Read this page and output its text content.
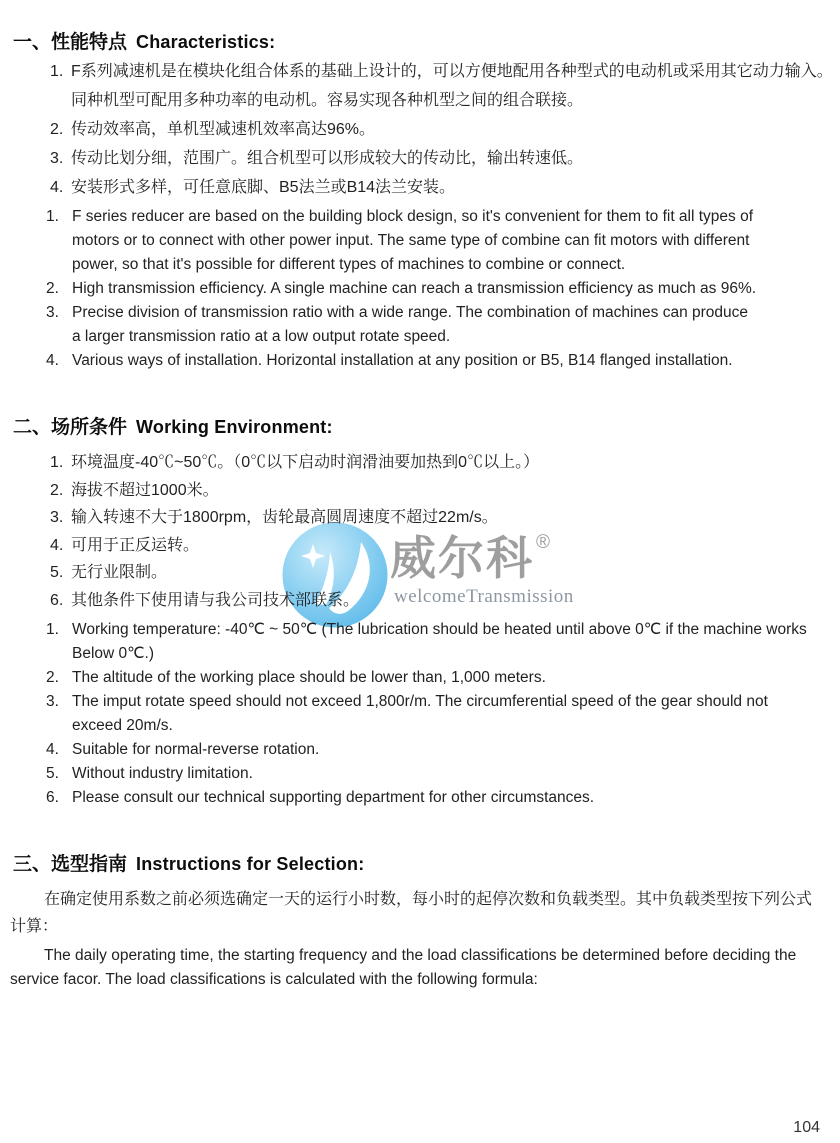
一、性能特点 Characteristics:
1. F系列减速机是在模块化组合体系的基础上设计的，可以方便地配用各种型式的电动机或采用其它动力输入。
同种机型可配用多种功率的电动机。容易实现各种机型之间的组合联接。
2. 传动效率高，单机型减速机效率高达96%。
3. 传动比划分细，范围广。组合机型可以形成较大的传动比，输出转速低。
4. 安装形式多样，可任意底脚、B5法兰或B14法兰安装。
1. F series reducer are based on the building block design, so it's convenient for them to fit all types of
motors or to connect with other power input. The same type of combine can fit motors with different
power, so that it's possible for different types of machines to combine or connect.
2. High transmission efficiency. A single machine can reach a transmission efficiency as much as 96%.
3. Precise division of transmission ratio with a wide range. The combination of machines can produce
a larger transmission ratio at a low output rotate speed.
4. Various ways of installation. Horizontal installation at any position or B5, B14 flanged installation.
二、场所条件 Working Environment:
1. 环境温度-40℃~50℃。（0℃以下启动时润滑油要加热到0℃以上。）
2. 海拔不超过1000米。
3. 输入转速不大于1800rpm，齿轮最高圆周速度不超过22m/s。
4. 可用于正反运转。
5. 无行业限制。
6. 其他条件下使用请与我公司技术部联系。
1. Working temperature: -40℃ ~ 50℃ (The lubrication should be heated until above 0℃ if the machine works
Below 0℃.)
2. The altitude of the working place should be lower than, 1,000 meters.
3. The imput rotate speed should not exceed 1,800r/m. The circumferential speed of the gear should not
exceed 20m/s.
4. Suitable for normal-reverse rotation.
5. Without industry limitation.
6. Please consult our technical supporting department for other circumstances.
三、选型指南 Instructions for Selection:
在确定使用系数之前必须选确定一天的运行小时数，每小时的起停次数和负载类型。其中负载类型按下列公式
计算：
The daily operating time, the starting frequency and the load classifications be determined before deciding the
service facor. The load classifications is calculated with the following formula:
威尔科 ®
welcomeTransmission
104
